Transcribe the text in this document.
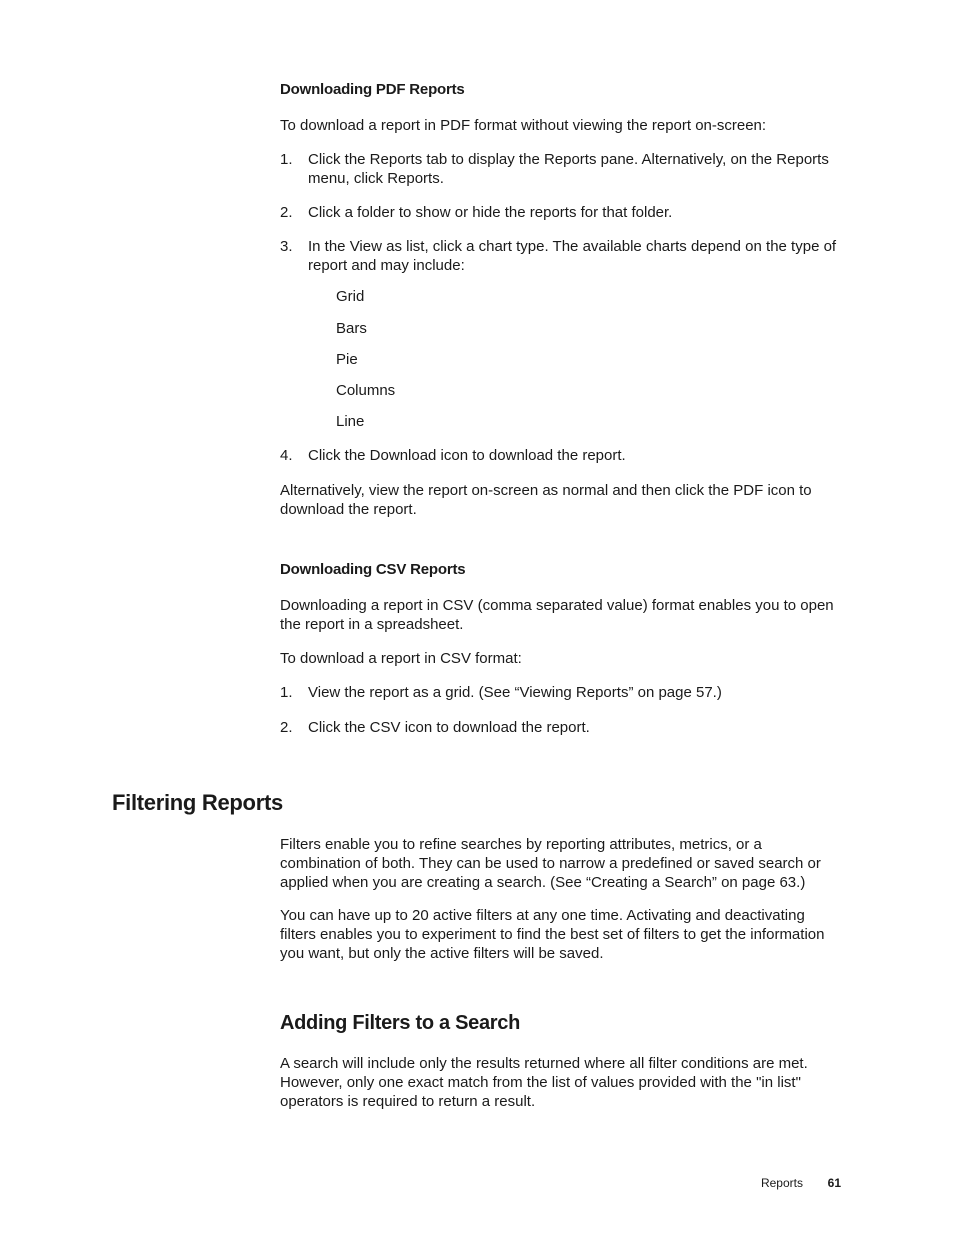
Downloading PDF Reports

To download a report in PDF format without viewing the report on-screen:

1. Click the Reports tab to display the Reports pane. Alternatively, on the Reports menu, click Reports.
2. Click a folder to show or hide the reports for that folder.
3. In the View as list, click a chart type. The available charts depend on the type of report and may include:
Grid
Bars
Pie
Columns
Line
4. Click the Download icon to download the report.

Alternatively, view the report on-screen as normal and then click the PDF icon to download the report.

Downloading CSV Reports

Downloading a report in CSV (comma separated value) format enables you to open the report in a spreadsheet.

To download a report in CSV format:

1. View the report as a grid. (See “Viewing Reports” on page 57.)
2. Click the CSV icon to download the report.
Filtering Reports

Filters enable you to refine searches by reporting attributes, metrics, or a combination of both. They can be used to narrow a predefined or saved search or applied when you are creating a search. (See “Creating a Search” on page 63.)

You can have up to 20 active filters at any one time. Activating and deactivating filters enables you to experiment to find the best set of filters to get the information you want, but only the active filters will be saved.

Adding Filters to a Search

A search will include only the results returned where all filter conditions are met. However, only one exact match from the list of values provided with the "in list" operators is required to return a result.

Reports 61
